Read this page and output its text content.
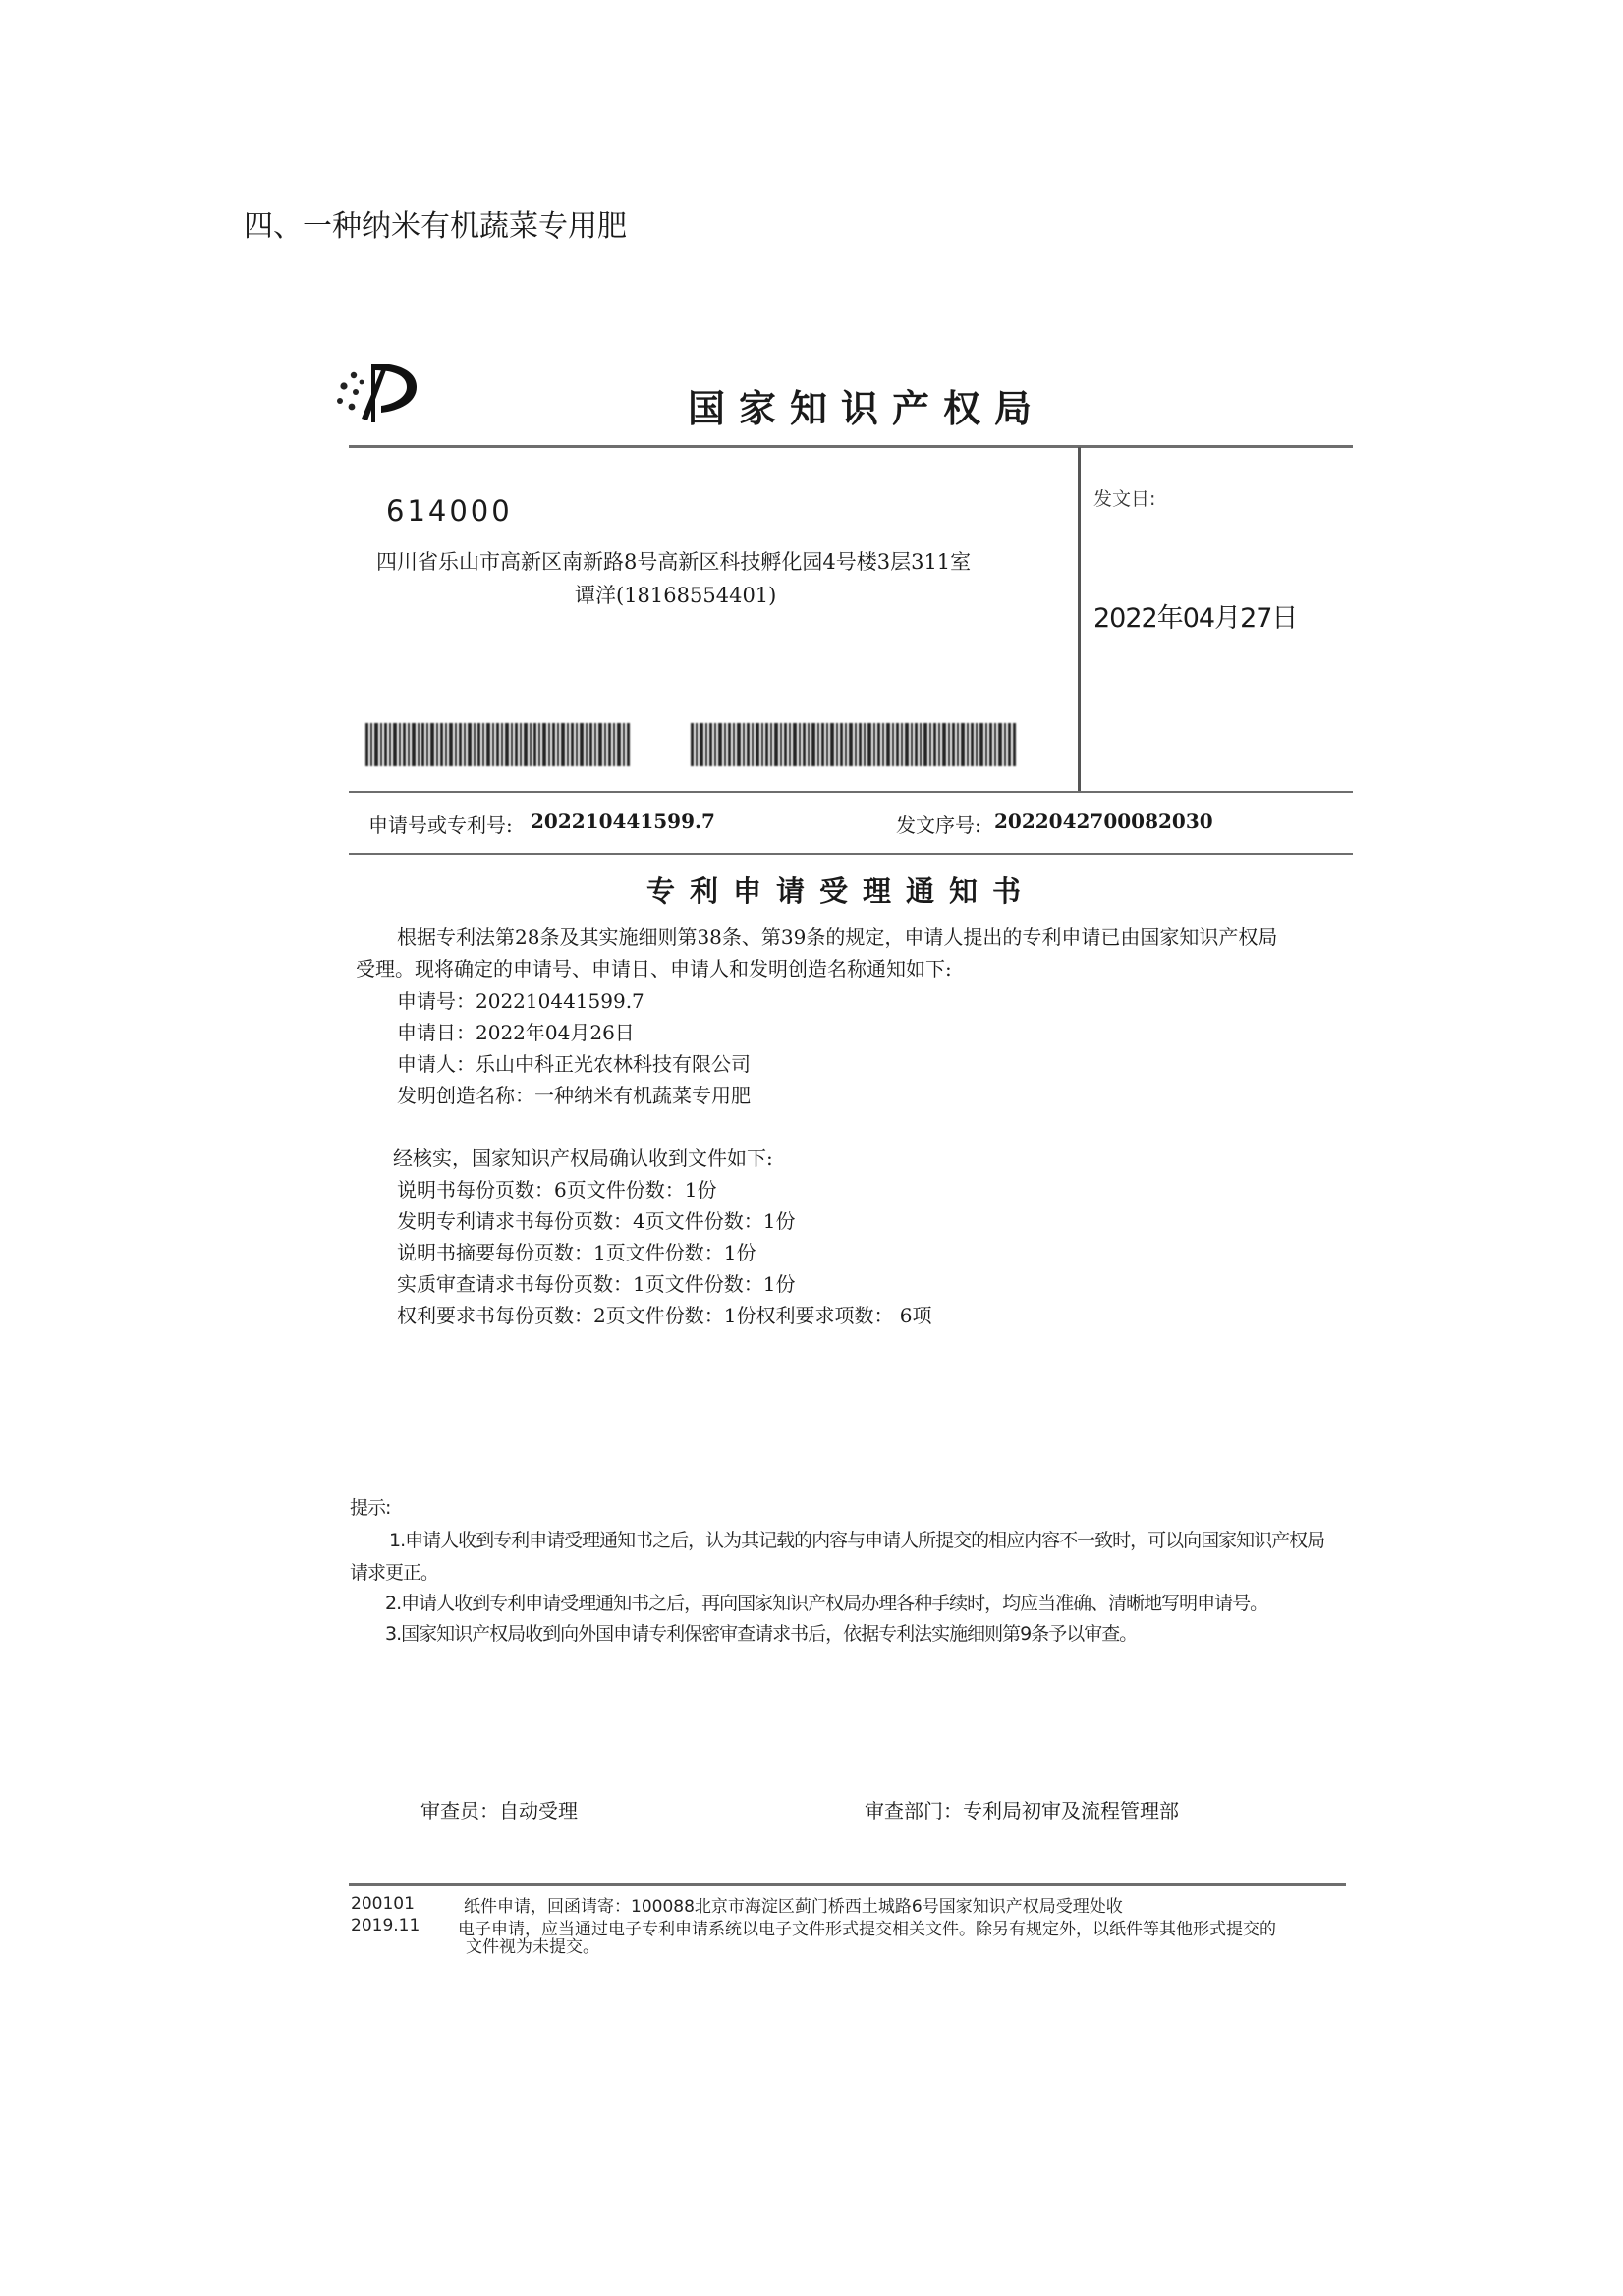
四、一种纳米有机蔬菜专用肥
国家知识产权局
614000
四川省乐山市高新区南新路8号高新区科技孵化园4号楼3层311室
谭洋(18168554401)
发文日:
2022年04月27日
申请号或专利号: 202210441599.7	发文序号: 2022042700082030
专利申请受理通知书
根据专利法第28条及其实施细则第38条、第39条的规定，申请人提出的专利申请已由国家知识产权局
受理。现将确定的申请号、申请日、申请人和发明创造名称通知如下:
申请号：202210441599.7
申请日：2022年04月26日
申请人：乐山中科正光农林科技有限公司
发明创造名称：一种纳米有机蔬菜专用肥
经核实，国家知识产权局确认收到文件如下:
说明书每份页数：6页文件份数：1份
发明专利请求书每份页数：4页文件份数：1份
说明书摘要每份页数：1页文件份数：1份
实质审查请求书每份页数：1页文件份数：1份
权利要求书每份页数：2页文件份数：1份权利要求项数： 6项
提示:
1.申请人收到专利申请受理通知书之后，认为其记载的内容与申请人所提交的相应内容不一致时，可以向国家知识产权局
请求更正。
2.申请人收到专利申请受理通知书之后，再向国家知识产权局办理各种手续时，均应当准确、清晰地写明申请号。
3.国家知识产权局收到向外国申请专利保密审查请求书后，依据专利法实施细则第9条予以审查。
审查员：自动受理	审查部门：专利局初审及流程管理部
200101
2019.11
纸件申请，回函请寄：100088北京市海淀区蓟门桥西土城路6号国家知识产权局受理处收
电子申请，应当通过电子专利申请系统以电子文件形式提交相关文件。除另有规定外，以纸件等其他形式提交的
文件视为未提交。
